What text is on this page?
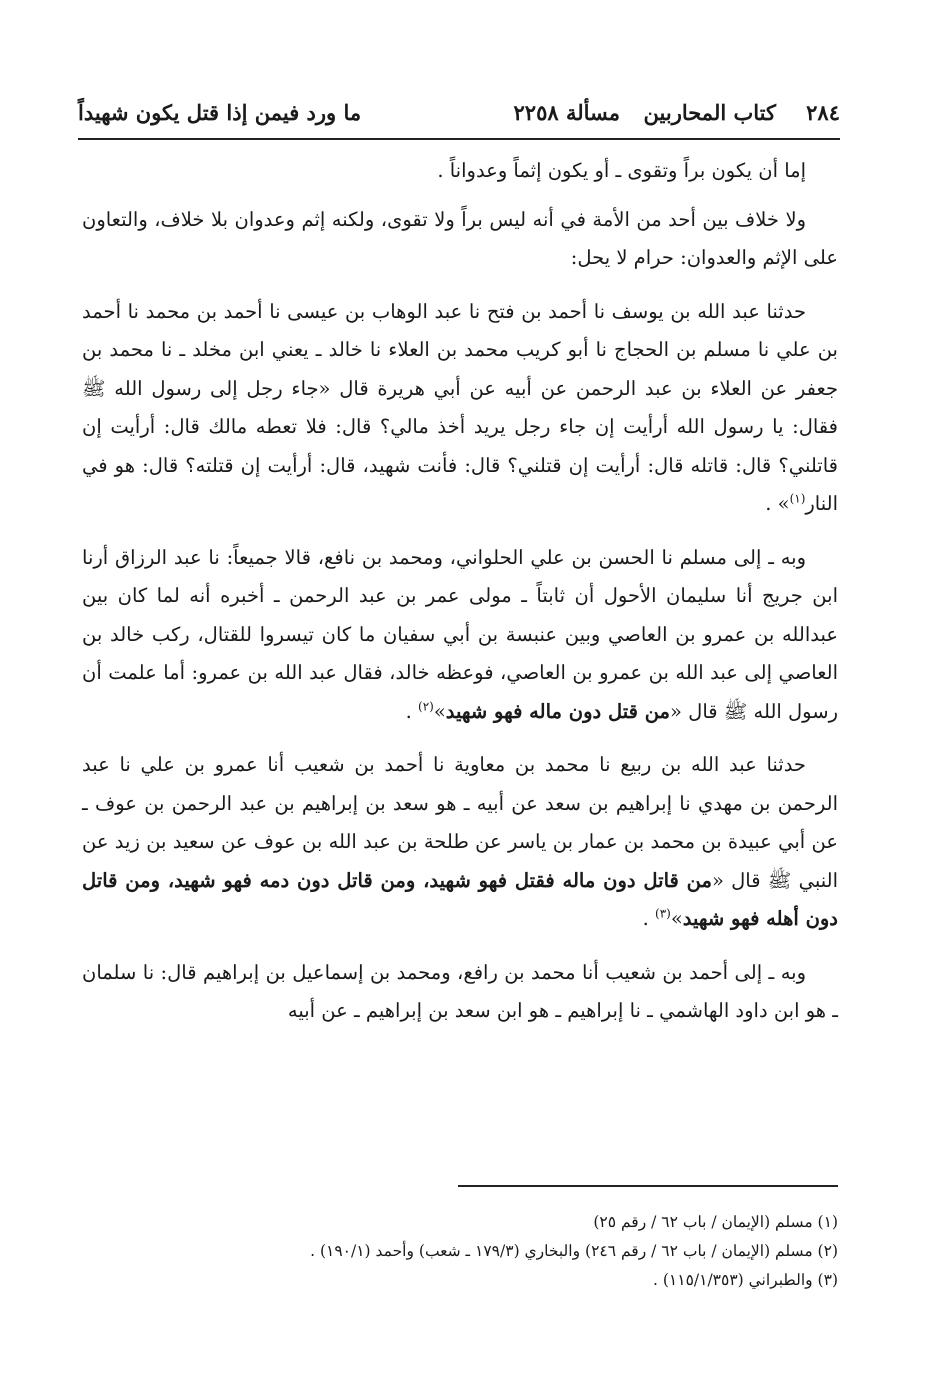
٢٨٤
كتاب المحاربين
مسألة ٢٢٥٨
ما ورد فيمن إذا قتل يكون شهيداً

إما أن يكون براً وتقوى ـ أو يكون إثماً وعدواناً .

ولا خلاف بين أحد من الأمة في أنه ليس براً ولا تقوى، ولكنه إثم وعدوان بلا خلاف، والتعاون على الإثم والعدوان: حرام لا يحل:

حدثنا عبد الله بن يوسف نا أحمد بن فتح نا عبد الوهاب بن عيسى نا أحمد بن محمد نا أحمد بن علي نا مسلم بن الحجاج نا أبو كريب محمد بن العلاء نا خالد ـ يعني ابن مخلد ـ نا محمد بن جعفر عن العلاء بن عبد الرحمن عن أبيه عن أبي هريرة قال «جاء رجل إلى رسول الله ﷺ فقال: يا رسول الله أرأيت إن جاء رجل يريد أخذ مالي؟ قال: فلا تعطه مالك قال: أرأيت إن قاتلني؟ قال: قاتله قال: أرأيت إن قتلني؟ قال: فأنت شهيد، قال: أرأيت إن قتلته؟ قال: هو في النار$^{(١)}$» .

وبه ـ إلى مسلم نا الحسن بن علي الحلواني، ومحمد بن نافع، قالا جميعاً: نا عبد الرزاق أرنا ابن جريج أنا سليمان الأحول أن ثابتاً ـ مولى عمر بن عبد الرحمن ـ أخبره أنه لما كان بين عبدالله بن عمرو بن العاصي وبين عنبسة بن أبي سفيان ما كان تيسروا للقتال، ركب خالد بن العاصي إلى عبد الله بن عمرو بن العاصي، فوعظه خالد، فقال عبد الله بن عمرو: أما علمت أن رسول الله ﷺ قال «من قتل دون ماله فهو شهيد»$^{(٢)}$ .

حدثنا عبد الله بن ربيع نا محمد بن معاوية نا أحمد بن شعيب أنا عمرو بن علي نا عبد الرحمن بن مهدي نا إبراهيم بن سعد عن أبيه ـ هو سعد بن إبراهيم بن عبد الرحمن بن عوف ـ عن أبي عبيدة بن محمد بن عمار بن ياسر عن طلحة بن عبد الله بن عوف عن سعيد بن زيد عن النبي ﷺ قال «من قاتل دون ماله فقتل فهو شهيد، ومن قاتل دون دمه فهو شهيد، ومن قاتل دون أهله فهو شهيد»$^{(٣)}$ .

وبه ـ إلى أحمد بن شعيب أنا محمد بن رافع، ومحمد بن إسماعيل بن إبراهيم قال: نا سلمان ـ هو ابن داود الهاشمي ـ نا إبراهيم ـ هو ابن سعد بن إبراهيم ـ عن أبيه

(١) مسلم (الإيمان / باب ٦٢ / رقم ٢٥)
(٢) مسلم (الإيمان / باب ٦٢ / رقم ٢٤٦) والبخاري (١٧٩/٣ ـ شعب) وأحمد (١٩٠/١) .
(٣) والطبراني (١١٥/١/٣٥٣) .
